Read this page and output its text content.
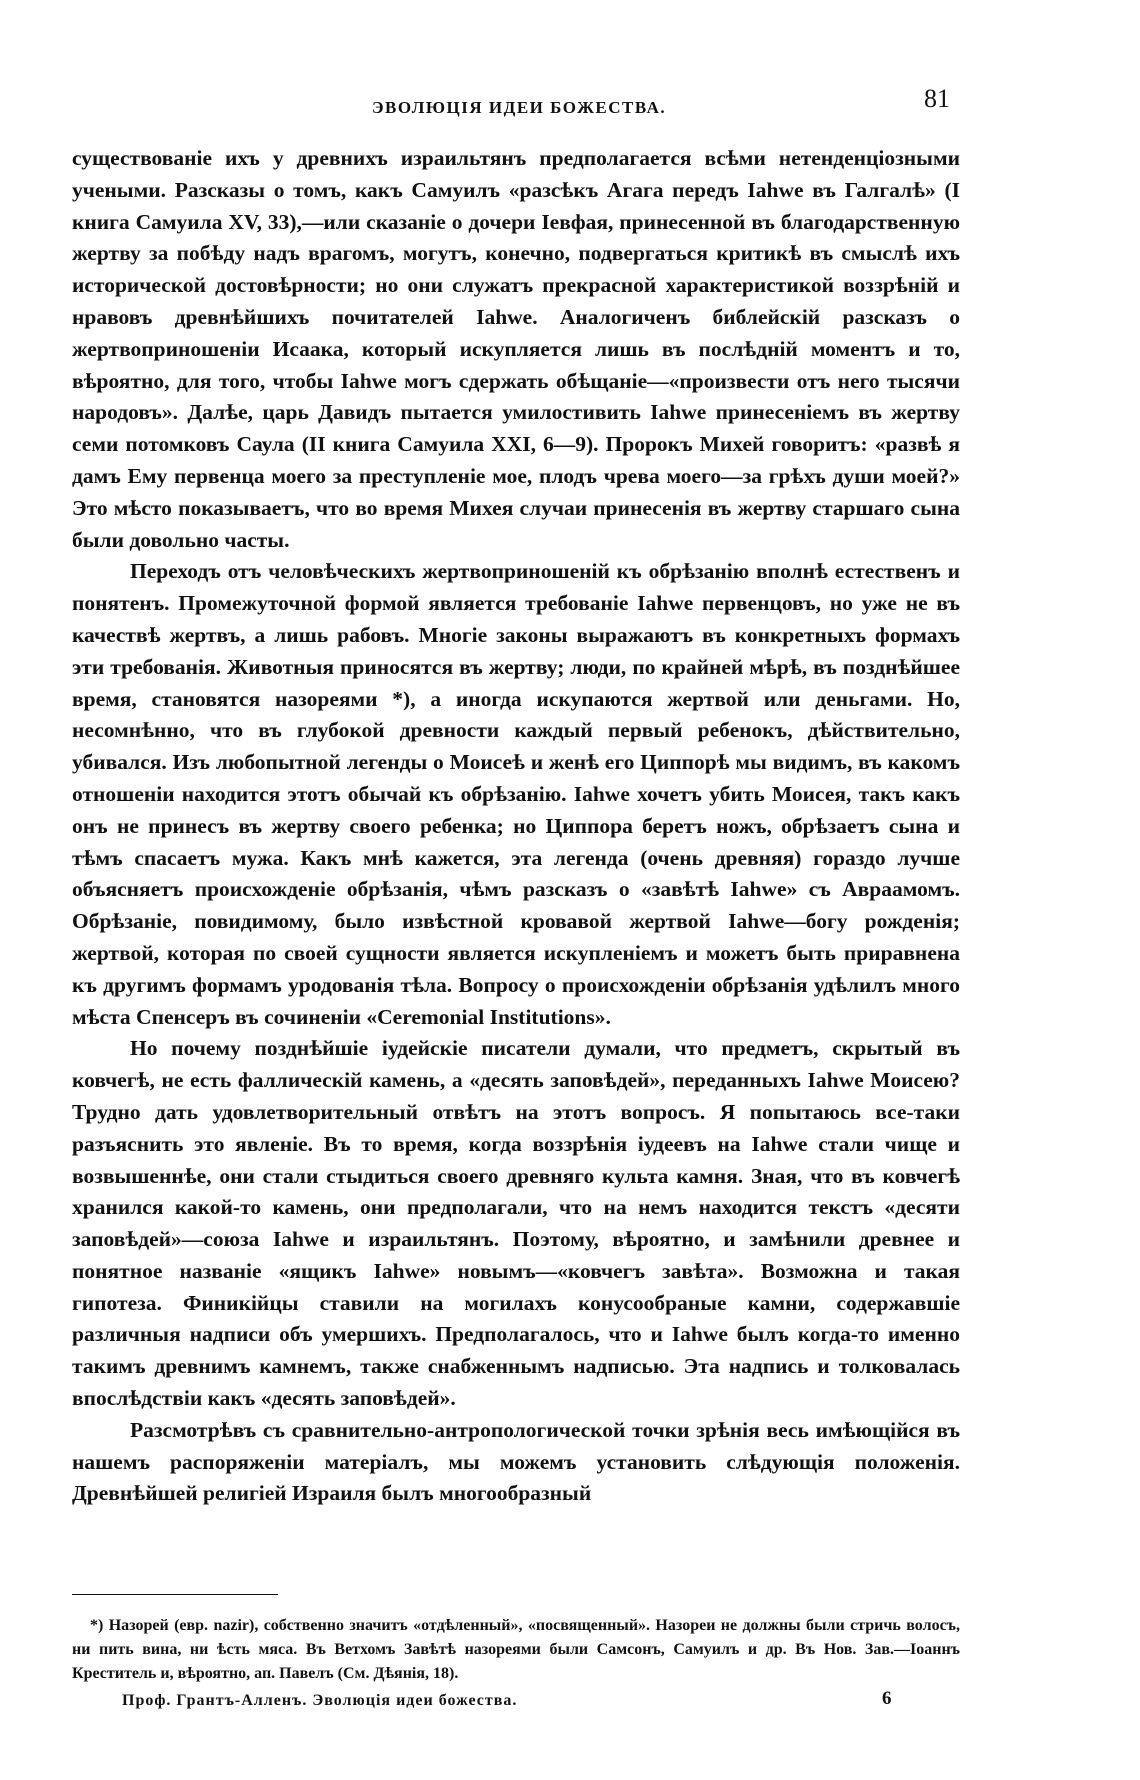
ЭВОЛЮЦІЯ ИДЕИ БОЖЕСТВА.	81

существованіе ихъ у древнихъ израильтянъ предполагается всѣми нетенденціозными учеными. Разсказы о томъ, какъ Самуилъ «разсѣкъ Агага передъ Iahwe въ Галгалѣ» (I книга Самуила XV, 33),—или сказаніе о дочери Іевфая, принесенной въ благодарственную жертву за побѣду надъ врагомъ, могутъ, конечно, подвергаться критикѣ въ смыслѣ ихъ исторической достовѣрности; но они служатъ прекрасной характеристикой воззрѣній и нравовъ древнѣйшихъ почитателей Iahwe. Аналогиченъ библейскій разсказъ о жертвоприношеніи Исаака, который искупляется лишь въ послѣдній моментъ и то, вѣроятно, для того, чтобы Iahwe могъ сдержать обѣщаніе—«произвести отъ него тысячи народовъ». Далѣе, царь Давидъ пытается умилостивить Iahwe принесеніемъ въ жертву семи потомковъ Саула (II книга Самуила XXI, 6—9). Пророкъ Михей говоритъ: «развѣ я дамъ Ему первенца моего за преступленіе мое, плодъ чрева моего—за грѣхъ души моей?» Это мѣсто показываетъ, что во время Михея случаи принесенія въ жертву старшаго сына были довольно часты.

Переходъ отъ человѣческихъ жертвоприношеній къ обрѣзанію вполнѣ естественъ и понятенъ. Промежуточной формой является требованіе Iahwe первенцовъ, но уже не въ качествѣ жертвъ, а лишь рабовъ. Многіе законы выражаютъ въ конкретныхъ формахъ эти требованія. Животныя приносятся въ жертву; люди, по крайней мѣрѣ, въ позднѣйшее время, становятся назореями *), а иногда искупаются жертвой или деньгами. Но, несомнѣнно, что въ глубокой древности каждый первый ребенокъ, дѣйствительно, убивался. Изъ любопытной легенды о Моисеѣ и женѣ его Циппорѣ мы видимъ, въ какомъ отношеніи находится этотъ обычай къ обрѣзанію. Iahwe хочетъ убить Моисея, такъ какъ онъ не принесъ въ жертву своего ребенка; но Циппора беретъ ножъ, обрѣзаетъ сына и тѣмъ спасаетъ мужа. Какъ мнѣ кажется, эта легенда (очень древняя) гораздо лучше объясняетъ происхожденіе обрѣзанія, чѣмъ разсказъ о «завѣтѣ Iahwe» съ Авраамомъ. Обрѣзаніе, повидимому, было извѣстной кровавой жертвой Iahwe—богу рожденія; жертвой, которая по своей сущности является искупленіемъ и можетъ быть приравнена къ другимъ формамъ уродованія тѣла. Вопросу о происхожденіи обрѣзанія удѣлилъ много мѣста Спенсеръ въ сочиненіи «Ceremonial Institutions».

Но почему позднѣйшіе іудейскіе писатели думали, что предметъ, скрытый въ ковчегѣ, не есть фаллическій камень, а «десять заповѣдей», переданныхъ Iahwe Моисею? Трудно дать удовлетворительный отвѣтъ на этотъ вопросъ. Я попытаюсь все-таки разъяснить это явленіе. Въ то время, когда воззрѣнія іудеевъ на Iahwe стали чище и возвышеннѣе, они стали стыдиться своего древняго культа камня. Зная, что въ ковчегѣ хранился какой-то камень, они предполагали, что на немъ находится текстъ «десяти заповѣдей»—союза Iahwe и израильтянъ. Поэтому, вѣроятно, и замѣнили древнее и понятное названіе «ящикъ Iahwe» новымъ—«ковчегъ завѣта». Возможна и такая гипотеза. Финикійцы ставили на могилахъ конусообраные камни, содержавшіе различныя надписи объ умершихъ. Предполагалось, что и Iahwe былъ когда-то именно такимъ древнимъ камнемъ, также снабженнымъ надписью. Эта надпись и толковалась впослѣдствіи какъ «десять заповѣдей».

Разсмотрѣвъ съ сравнительно-антропологической точки зрѣнія весь имѣющійся въ нашемъ распоряженіи матеріалъ, мы можемъ установить слѣдующія положенія. Древнѣйшей религіей Израиля былъ многообразный

*) Назорей (евр. nazir), собственно значитъ «отдѣленный», «посвященный». Назореи не должны были стричь волосъ, ни пить вина, ни ѣсть мяса. Въ Ветхомъ Завѣтѣ назореями были Самсонъ, Самуилъ и др. Въ Нов. Зав.—Іоаннъ Креститель и, вѣроятно, ап. Павелъ (См. Дѣянія, 18).

Проф. Грантъ-Алленъ. Эволюція идеи божества.	6
